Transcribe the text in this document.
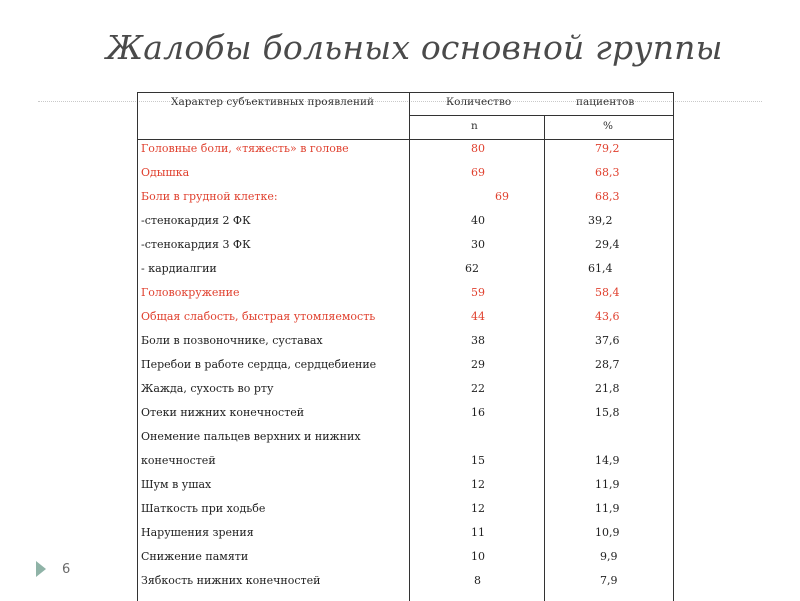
Жалобы больных основной группы
Характер субъективных проявлений	Количество	пациентов
n	%
Головные боли, «тяжесть» в голове	80	79,2
Одышка	69	68,3
Боли в грудной клетке:	69	68,3
-стенокардия 2 ФК	40	39,2
-стенокардия 3 ФК	30	29,4
- кардиалгии	62	61,4
Головокружение	59	58,4
Общая слабость, быстрая утомляемость	44	43,6
Боли в позвоночнике, суставах	38	37,6
Перебои в работе сердца, сердцебиение	29	28,7
Жажда, сухость во рту	22	21,8
Отеки нижних конечностей	16	15,8
Онемение пальцев верхних и нижних
конечностей	15	14,9
Шум в ушах	12	11,9
Шаткость при ходьбе	12	11,9
Нарушения зрения	11	10,9
Снижение памяти	10	9,9
Зябкость нижних конечностей	8	7,9
6
